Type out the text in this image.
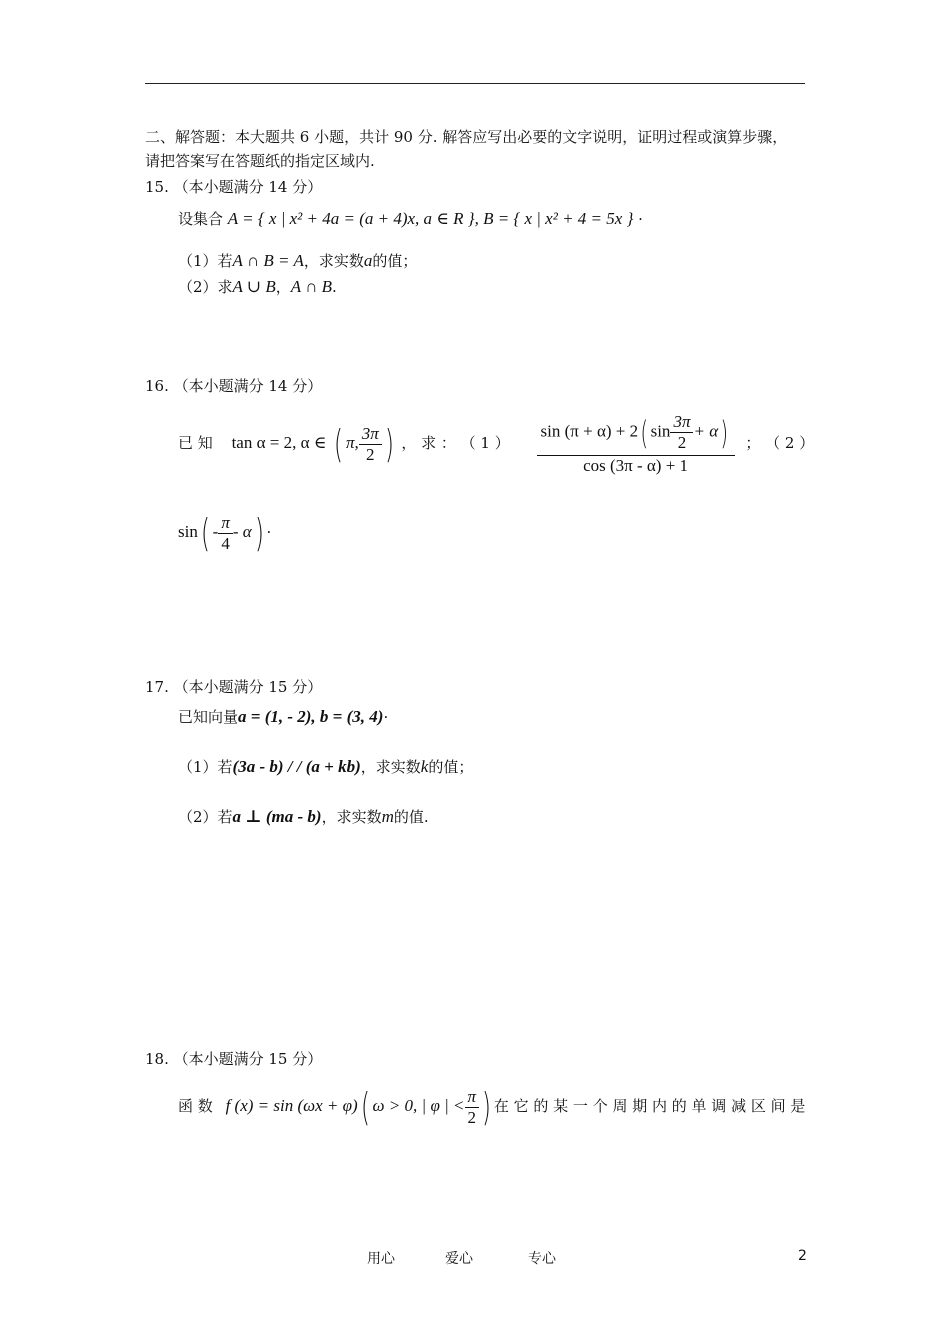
二、解答题：本大题共 6 小题，共计 90 分. 解答应写出必要的文字说明，证明过程或演算步骤，
请把答案写在答题纸的指定区域内.
15. （本小题满分 14 分）
设集合 A = { x | x² + 4a = (a + 4)x, a ∈ R }, B = { x | x² + 4 = 5x } ·
（1）若A ∩ B = A，求实数a的值；
（2）求A ∪ B，A ∩ B.
16. （本小题满分 14 分）
已 知 tan α = 2, α ∈ ( π, $\frac{3\pi}{2}$ ) ， 求 ： （ 1 ） $\frac{\sin (\pi + \alpha) + 2( \sin \frac{3\pi}{2} + \alpha)}{\cos (3\pi - \alpha) + 1}$ ； （ 2 ）
$\sin( - \frac{\pi}{4} - \alpha)$ ·
17. （本小题满分 15 分）
已知向量a = (1, - 2), b = (3, 4)·
（1）若(3a - b) / / (a + kb)，求实数k的值；
（2）若a ⊥ (ma - b)，求实数m的值.
18. （本小题满分 15 分）
函 数 f (x) = sin (ωx + φ)( ω > 0, | φ | < $\frac{\pi}{2}$ ) 在 它 的 某 一 个 周 期 内 的 单 调 减 区 间 是
用心	爱心	专心	2
